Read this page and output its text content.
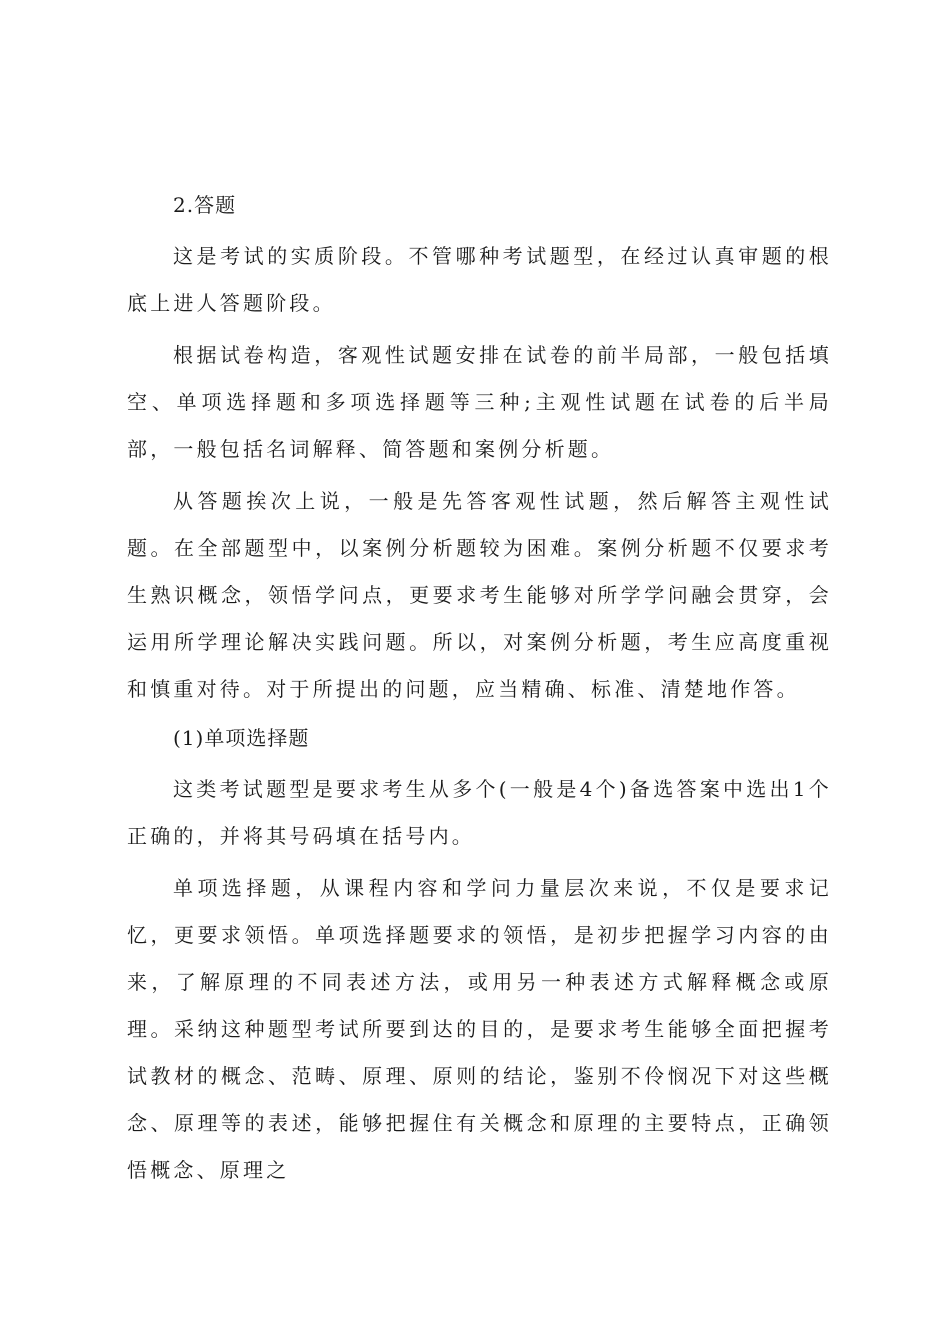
2.答题

这是考试的实质阶段。不管哪种考试题型，在经过认真审题的根底上进人答题阶段。

根据试卷构造，客观性试题安排在试卷的前半局部，一般包括填空、单项选择题和多项选择题等三种;主观性试题在试卷的后半局部，一般包括名词解释、简答题和案例分析题。

从答题挨次上说，一般是先答客观性试题，然后解答主观性试题。在全部题型中，以案例分析题较为困难。案例分析题不仅要求考生熟识概念，领悟学问点，更要求考生能够对所学学问融会贯穿，会运用所学理论解决实践问题。所以，对案例分析题，考生应高度重视和慎重对待。对于所提出的问题，应当精确、标准、清楚地作答。

(1)单项选择题

这类考试题型是要求考生从多个(一般是4个)备选答案中选出1个正确的，并将其号码填在括号内。

单项选择题，从课程内容和学问力量层次来说，不仅是要求记忆，更要求领悟。单项选择题要求的领悟，是初步把握学习内容的由来，了解原理的不同表述方法，或用另一种表述方式解释概念或原理。采纳这种题型考试所要到达的目的，是要求考生能够全面把握考试教材的概念、范畴、原理、原则的结论，鉴别不伶悯况下对这些概念、原理等的表述，能够把握住有关概念和原理的主要特点，正确领悟概念、原理之
